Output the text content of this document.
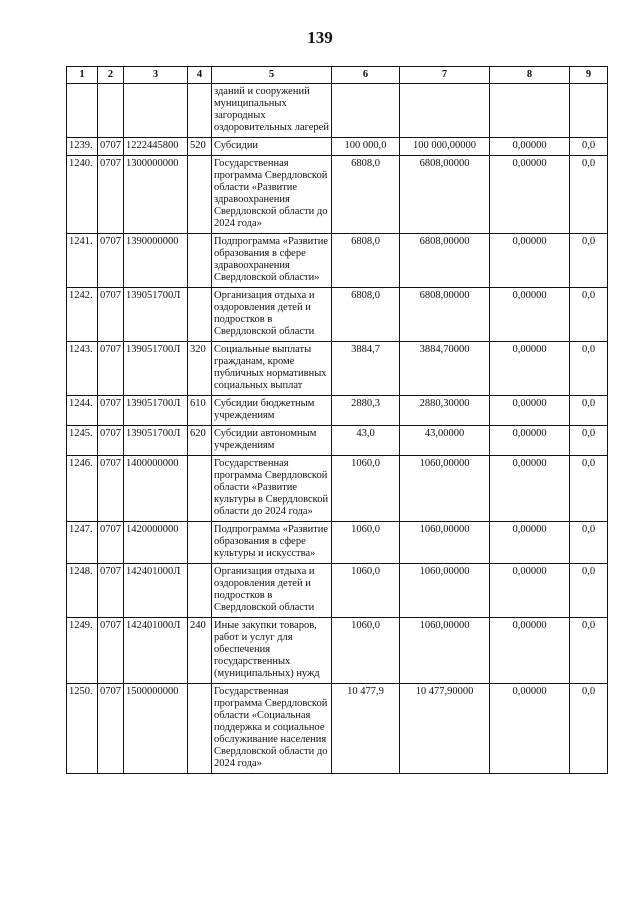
139
1	2	3	4	5	6	7	8	9
				зданий и сооружений муниципальных загородных оздоровительных лагерей				
1239.	0707	1222445800	520	Субсидии	100 000,0	100 000,00000	0,00000	0,0
1240.	0707	1300000000		Государственная программа Свердловской области «Развитие здравоохранения Свердловской области до 2024 года»	6808,0	6808,00000	0,00000	0,0
1241.	0707	1390000000		Подпрограмма «Развитие образования в сфере здравоохранения Свердловской области»	6808,0	6808,00000	0,00000	0,0
1242.	0707	139051700Л		Организация отдыха и оздоровления детей и подростков в Свердловской области	6808,0	6808,00000	0,00000	0,0
1243.	0707	139051700Л	320	Социальные выплаты гражданам, кроме публичных нормативных социальных выплат	3884,7	3884,70000	0,00000	0,0
1244.	0707	139051700Л	610	Субсидии бюджетным учреждениям	2880,3	2880,30000	0,00000	0,0
1245.	0707	139051700Л	620	Субсидии автономным учреждениям	43,0	43,00000	0,00000	0,0
1246.	0707	1400000000		Государственная программа Свердловской области «Развитие культуры в Свердловской области до 2024 года»	1060,0	1060,00000	0,00000	0,0
1247.	0707	1420000000		Подпрограмма «Развитие образования в сфере культуры и искусства»	1060,0	1060,00000	0,00000	0,0
1248.	0707	142401000Л		Организация отдыха и оздоровления детей и подростков в Свердловской области	1060,0	1060,00000	0,00000	0,0
1249.	0707	142401000Л	240	Иные закупки товаров, работ и услуг для обеспечения государственных (муниципальных) нужд	1060,0	1060,00000	0,00000	0,0
1250.	0707	1500000000		Государственная программа Свердловской области «Социальная поддержка и социальное обслуживание населения Свердловской области до 2024 года»	10 477,9	10 477,90000	0,00000	0,0
